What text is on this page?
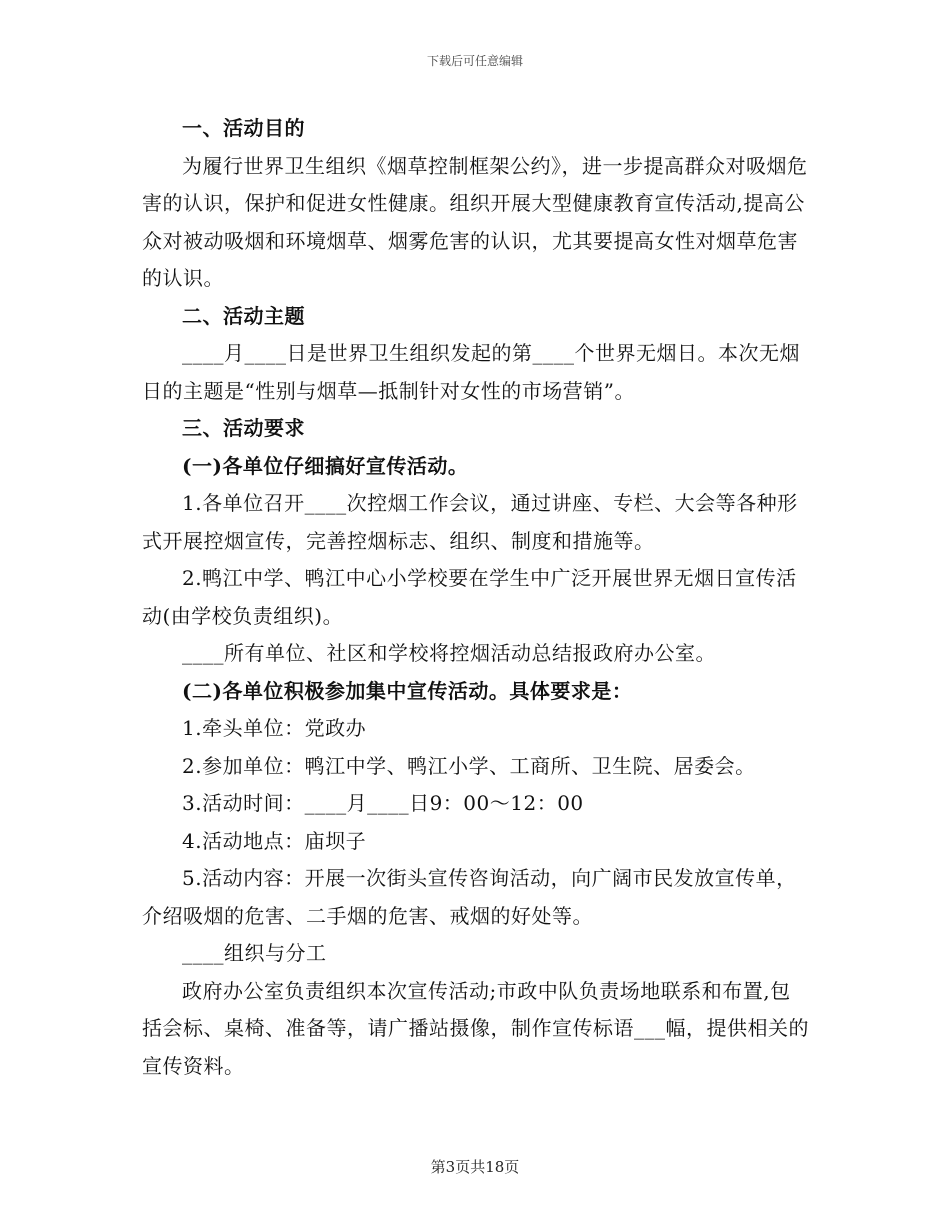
下载后可任意编辑

一、活动目的

为履行世界卫生组织《烟草控制框架公约》，进一步提高群众对吸烟危害的认识，保护和促进女性健康。组织开展大型健康教育宣传活动,提高公众对被动吸烟和环境烟草、烟雾危害的认识，尤其要提高女性对烟草危害的认识。

二、活动主题

____月____日是世界卫生组织发起的第____个世界无烟日。本次无烟日的主题是“性别与烟草—抵制针对女性的市场营销”。

三、活动要求

(一)各单位仔细搞好宣传活动。

1.各单位召开____次控烟工作会议，通过讲座、专栏、大会等各种形式开展控烟宣传，完善控烟标志、组织、制度和措施等。

2.鸭江中学、鸭江中心小学校要在学生中广泛开展世界无烟日宣传活动(由学校负责组织)。

____所有单位、社区和学校将控烟活动总结报政府办公室。

(二)各单位积极参加集中宣传活动。具体要求是：

1.牵头单位：党政办

2.参加单位：鸭江中学、鸭江小学、工商所、卫生院、居委会。

3.活动时间：____月____日9：00～12：00

4.活动地点：庙坝子

5.活动内容：开展一次街头宣传咨询活动，向广阔市民发放宣传单，介绍吸烟的危害、二手烟的危害、戒烟的好处等。

____组织与分工

政府办公室负责组织本次宣传活动;市政中队负责场地联系和布置,包括会标、桌椅、准备等，请广播站摄像，制作宣传标语___幅，提供相关的宣传资料。

第3页共18页
